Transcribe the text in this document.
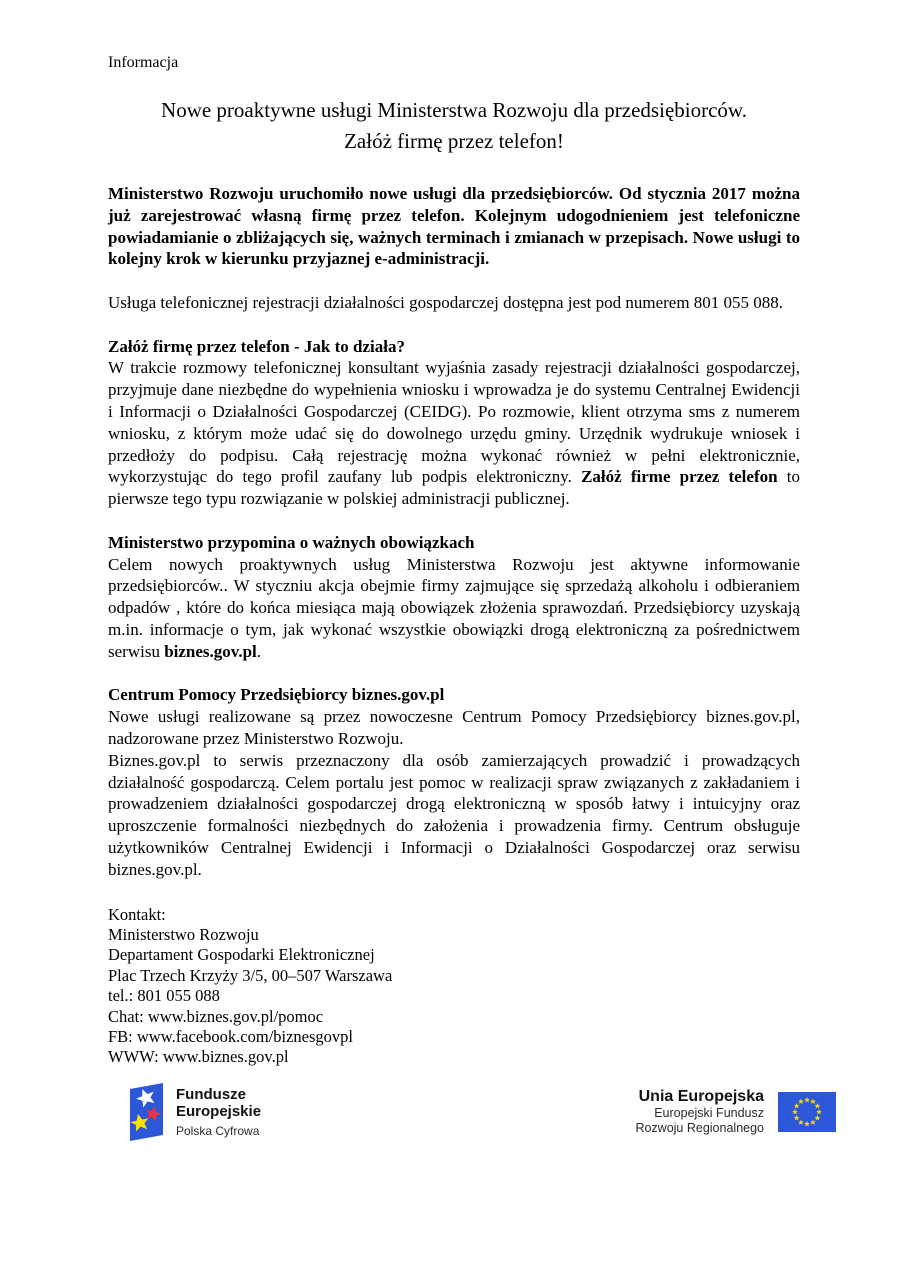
Informacja
Nowe proaktywne usługi Ministerstwa Rozwoju dla przedsiębiorców.
Załóż firmę przez telefon!

Ministerstwo Rozwoju uruchomiło nowe usługi dla przedsiębiorców. Od stycznia 2017 można już zarejestrować własną firmę przez telefon. Kolejnym udogodnieniem jest telefoniczne powiadamianie o zbliżających się, ważnych terminach i zmianach w przepisach. Nowe usługi to kolejny krok w kierunku przyjaznej e-administracji.

Usługa telefonicznej rejestracji działalności gospodarczej dostępna jest pod numerem 801 055 088.

Załóż firmę przez telefon - Jak to działa?

W trakcie rozmowy telefonicznej konsultant wyjaśnia zasady rejestracji działalności gospodarczej, przyjmuje dane niezbędne do wypełnienia wniosku i wprowadza je do systemu Centralnej Ewidencji i Informacji o Działalności Gospodarczej (CEIDG). Po rozmowie, klient otrzyma sms z numerem wniosku, z którym może udać się do dowolnego urzędu gminy. Urzędnik wydrukuje wniosek i przedłoży do podpisu. Całą rejestrację można wykonać również w pełni elektronicznie, wykorzystując do tego profil zaufany lub podpis elektroniczny. Załóż firme przez telefon to pierwsze tego typu rozwiązanie w polskiej administracji publicznej.

Ministerstwo przypomina o ważnych obowiązkach

Celem nowych proaktywnych usług Ministerstwa Rozwoju jest aktywne informowanie przedsiębiorców.. W styczniu akcja obejmie firmy zajmujące się sprzedażą alkoholu i odbieraniem odpadów , które do końca miesiąca mają obowiązek złożenia sprawozdań. Przedsiębiorcy uzyskają m.in. informacje o tym, jak wykonać wszystkie obowiązki drogą elektroniczną za pośrednictwem serwisu biznes.gov.pl.

Centrum Pomocy Przedsiębiorcy biznes.gov.pl

Nowe usługi realizowane są przez nowoczesne Centrum Pomocy Przedsiębiorcy biznes.gov.pl, nadzorowane przez Ministerstwo Rozwoju.

Biznes.gov.pl to serwis przeznaczony dla osób zamierzających prowadzić i prowadzących działalność gospodarczą. Celem portalu jest pomoc w realizacji spraw związanych z zakładaniem i prowadzeniem działalności gospodarczej drogą elektroniczną w sposób łatwy i intuicyjny oraz uproszczenie formalności niezbędnych do założenia i prowadzenia firmy. Centrum obsługuje użytkowników Centralnej Ewidencji i Informacji o Działalności Gospodarczej oraz serwisu biznes.gov.pl.

Kontakt:
Ministerstwo Rozwoju
Departament Gospodarki Elektronicznej
Plac Trzech Krzyży 3/5, 00–507 Warszawa
tel.: 801 055 088
Chat: www.biznes.gov.pl/pomoc
FB: www.facebook.com/biznesgovpl
WWW: www.biznes.gov.pl
Fundusze
Europejskie
Polska Cyfrowa
Unia Europejska
Europejski Fundusz
Rozwoju Regionalnego
